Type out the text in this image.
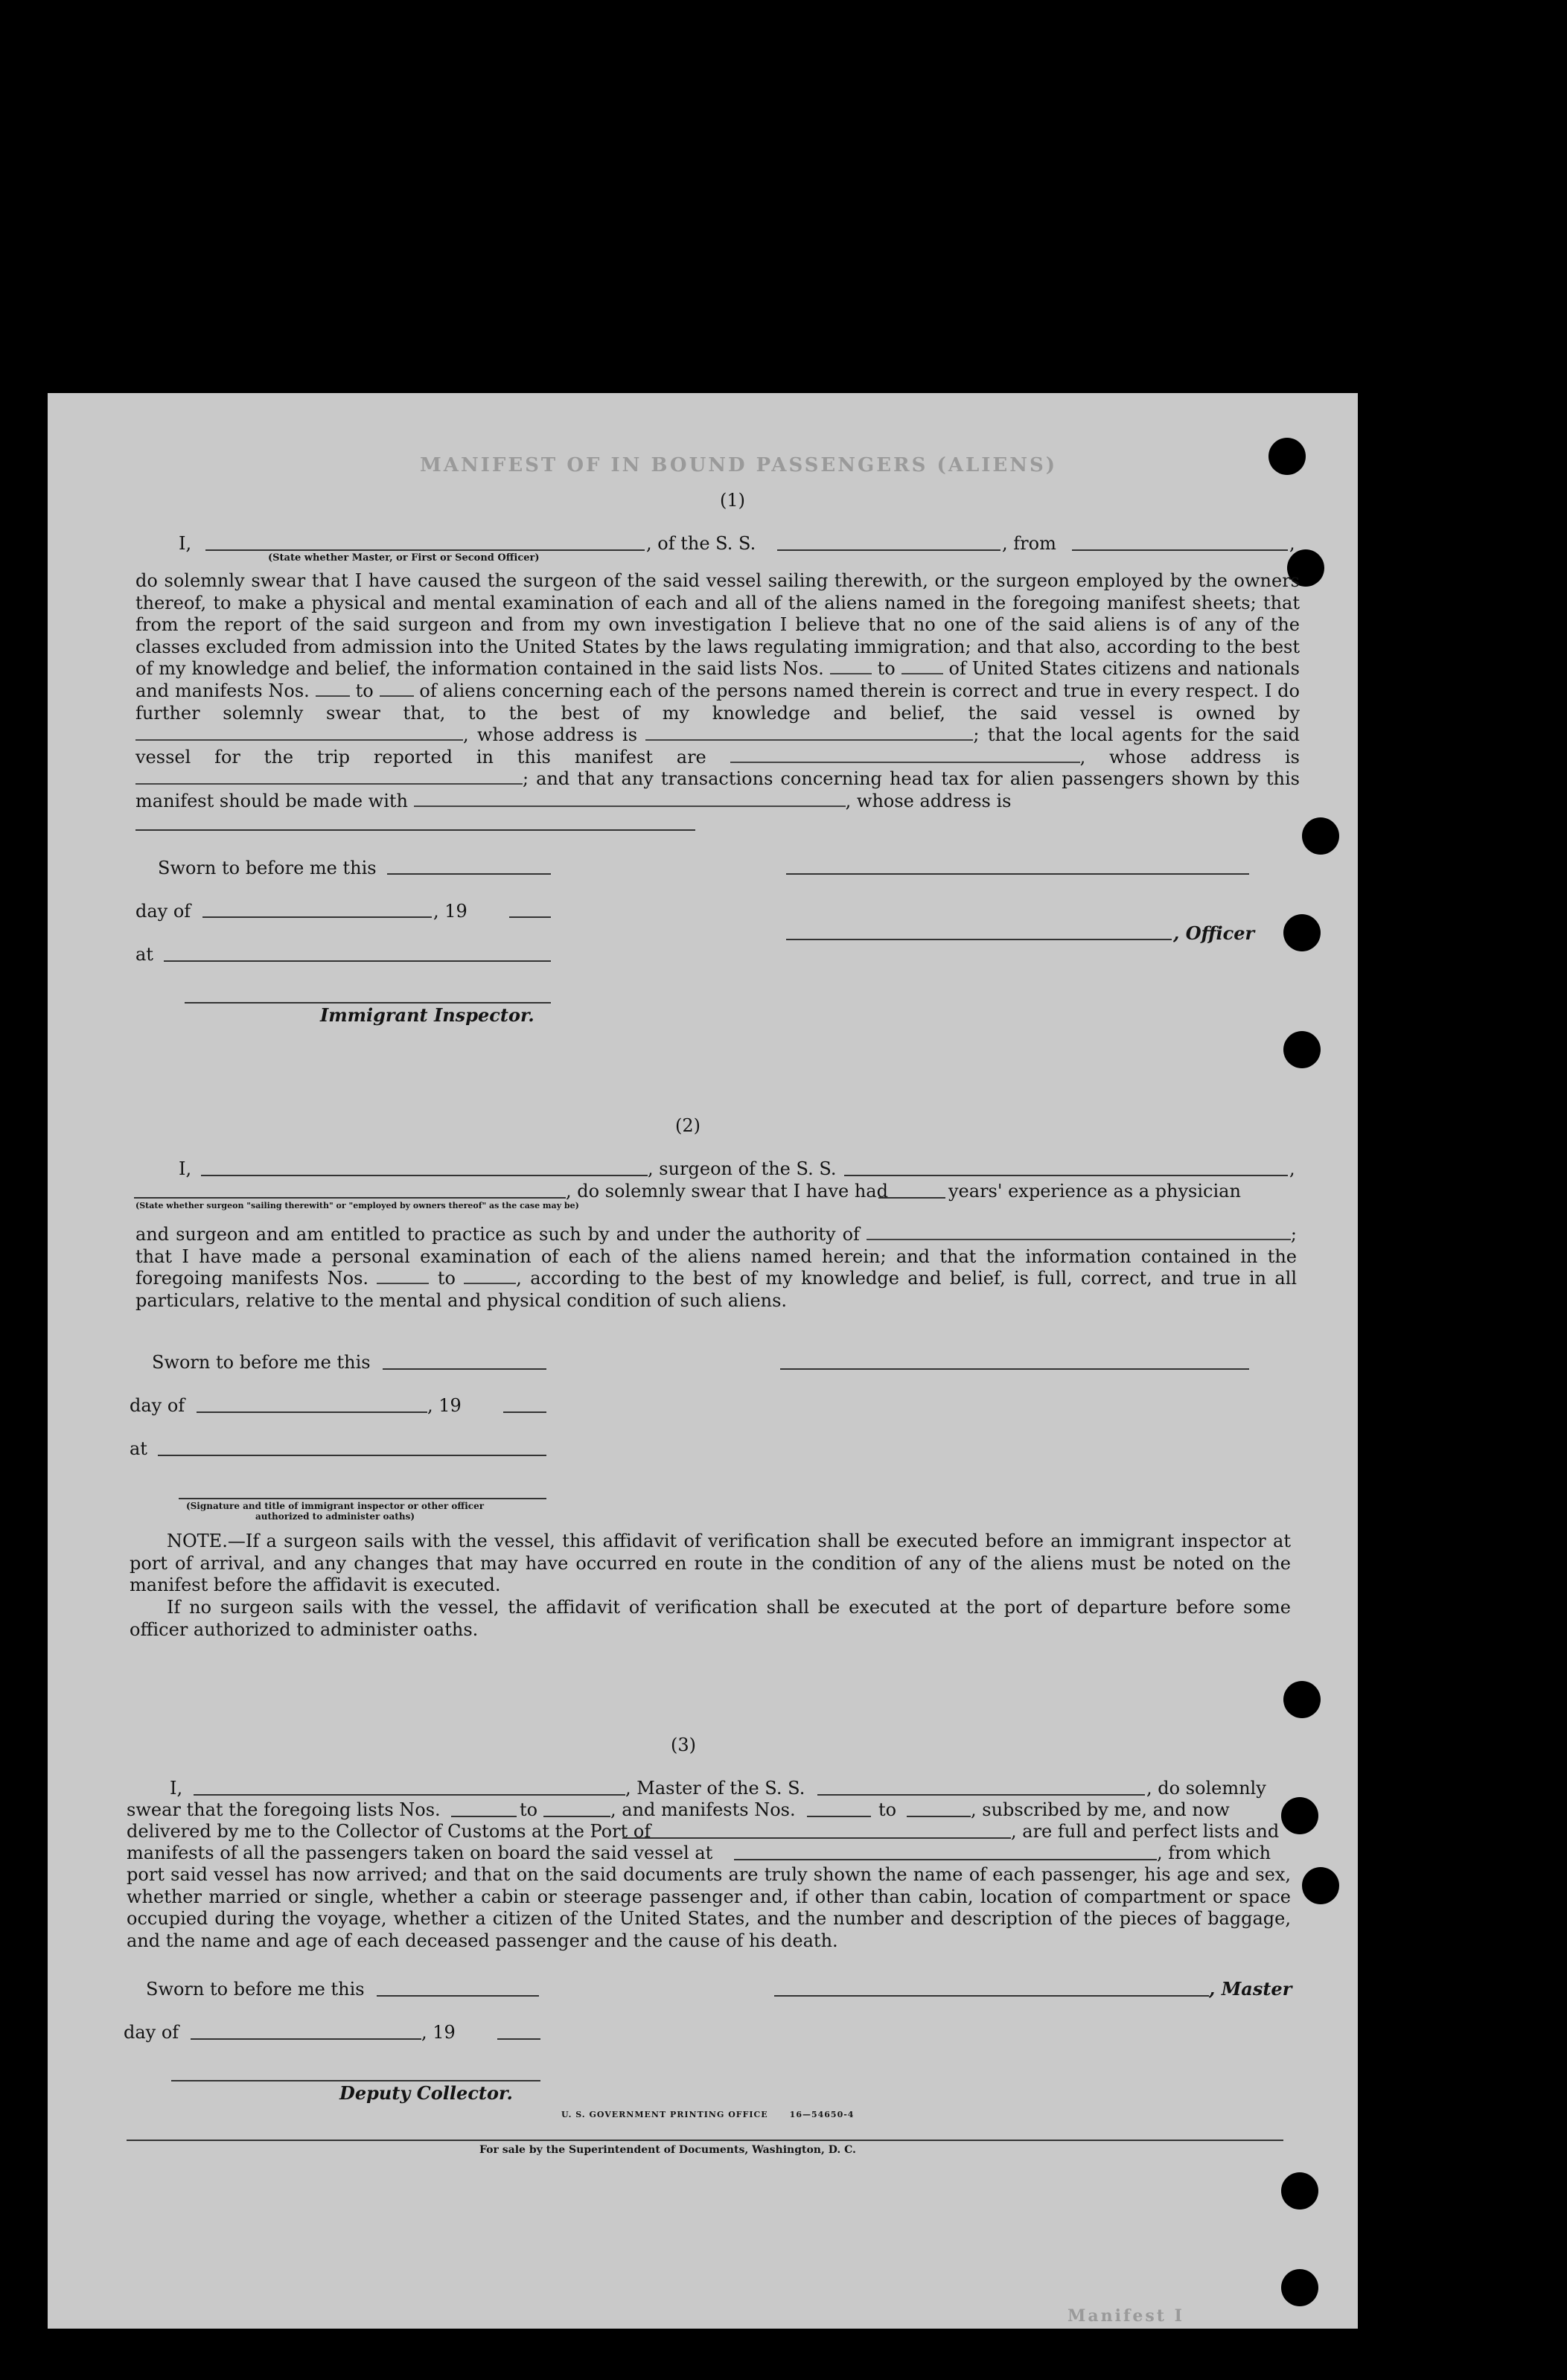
MANIFEST OF IN BOUND PASSENGERS (ALIENS)
Manifest I
(1)
I,	, of the S. S.	, from	,
(State whether Master, or First or Second Officer)
do solemnly swear that I have caused the surgeon of the said vessel sailing therewith, or the surgeon employed by the owners thereof, to make a physical and mental examination of each and all of the aliens named in the foregoing manifest sheets; that from the report of the said surgeon and from my own investigation I believe that no one of the said aliens is of any of the classes excluded from admission into the United States by the laws regulating immigration; and that also, according to the best of my knowledge and belief, the information contained in the said lists Nos.	to	of United States citizens and nationals and manifests Nos.	to	of aliens concerning each of the persons named therein is correct and true in every respect. I do further solemnly swear that, to the best of my knowledge and belief, the said vessel is owned by , whose address is	; that the local agents for the said vessel for the trip reported in this manifest are	, whose address is ; and that any transactions concerning head tax for alien passengers shown by this manifest should be made with	, whose address is
Sworn to before me this
day of	, 19
, Officer
at
Immigrant Inspector.
(2)
I,	, surgeon of the S. S.	,
, do solemnly swear that I have had	years' experience as a physician
(State whether surgeon "sailing therewith" or "employed by owners thereof" as the case may be)
and surgeon and am entitled to practice as such by and under the authority of	; that I have made a personal examination of each of the aliens named herein; and that the information contained in the foregoing manifests Nos.	to	, according to the best of my knowledge and belief, is full, correct, and true in all particulars, relative to the mental and physical condition of such aliens.
Sworn to before me this
day of	, 19
at
(Signature and title of immigrant inspector or other officer authorized to administer oaths)
NOTE.—If a surgeon sails with the vessel, this affidavit of verification shall be executed before an immigrant inspector at port of arrival, and any changes that may have occurred en route in the condition of any of the aliens must be noted on the manifest before the affidavit is executed.
If no surgeon sails with the vessel, the affidavit of verification shall be executed at the port of departure before some officer authorized to administer oaths.
(3)
I,	, Master of the S. S.	, do solemnly
swear that the foregoing lists Nos.	to	, and manifests Nos.	to	, subscribed by me, and now
delivered by me to the Collector of Customs at the Port of	, are full and perfect lists and
manifests of all the passengers taken on board the said vessel at	, from which
port said vessel has now arrived; and that on the said documents are truly shown the name of each passenger, his age and sex, whether married or single, whether a cabin or steerage passenger and, if other than cabin, location of compartment or space occupied during the voyage, whether a citizen of the United States, and the number and description of the pieces of baggage, and the name and age of each deceased passenger and the cause of his death.
Sworn to before me this	, Master
day of	, 19
Deputy Collector.
U. S. GOVERNMENT PRINTING OFFICE      16—54650-4
For sale by the Superintendent of Documents, Washington, D. C.
